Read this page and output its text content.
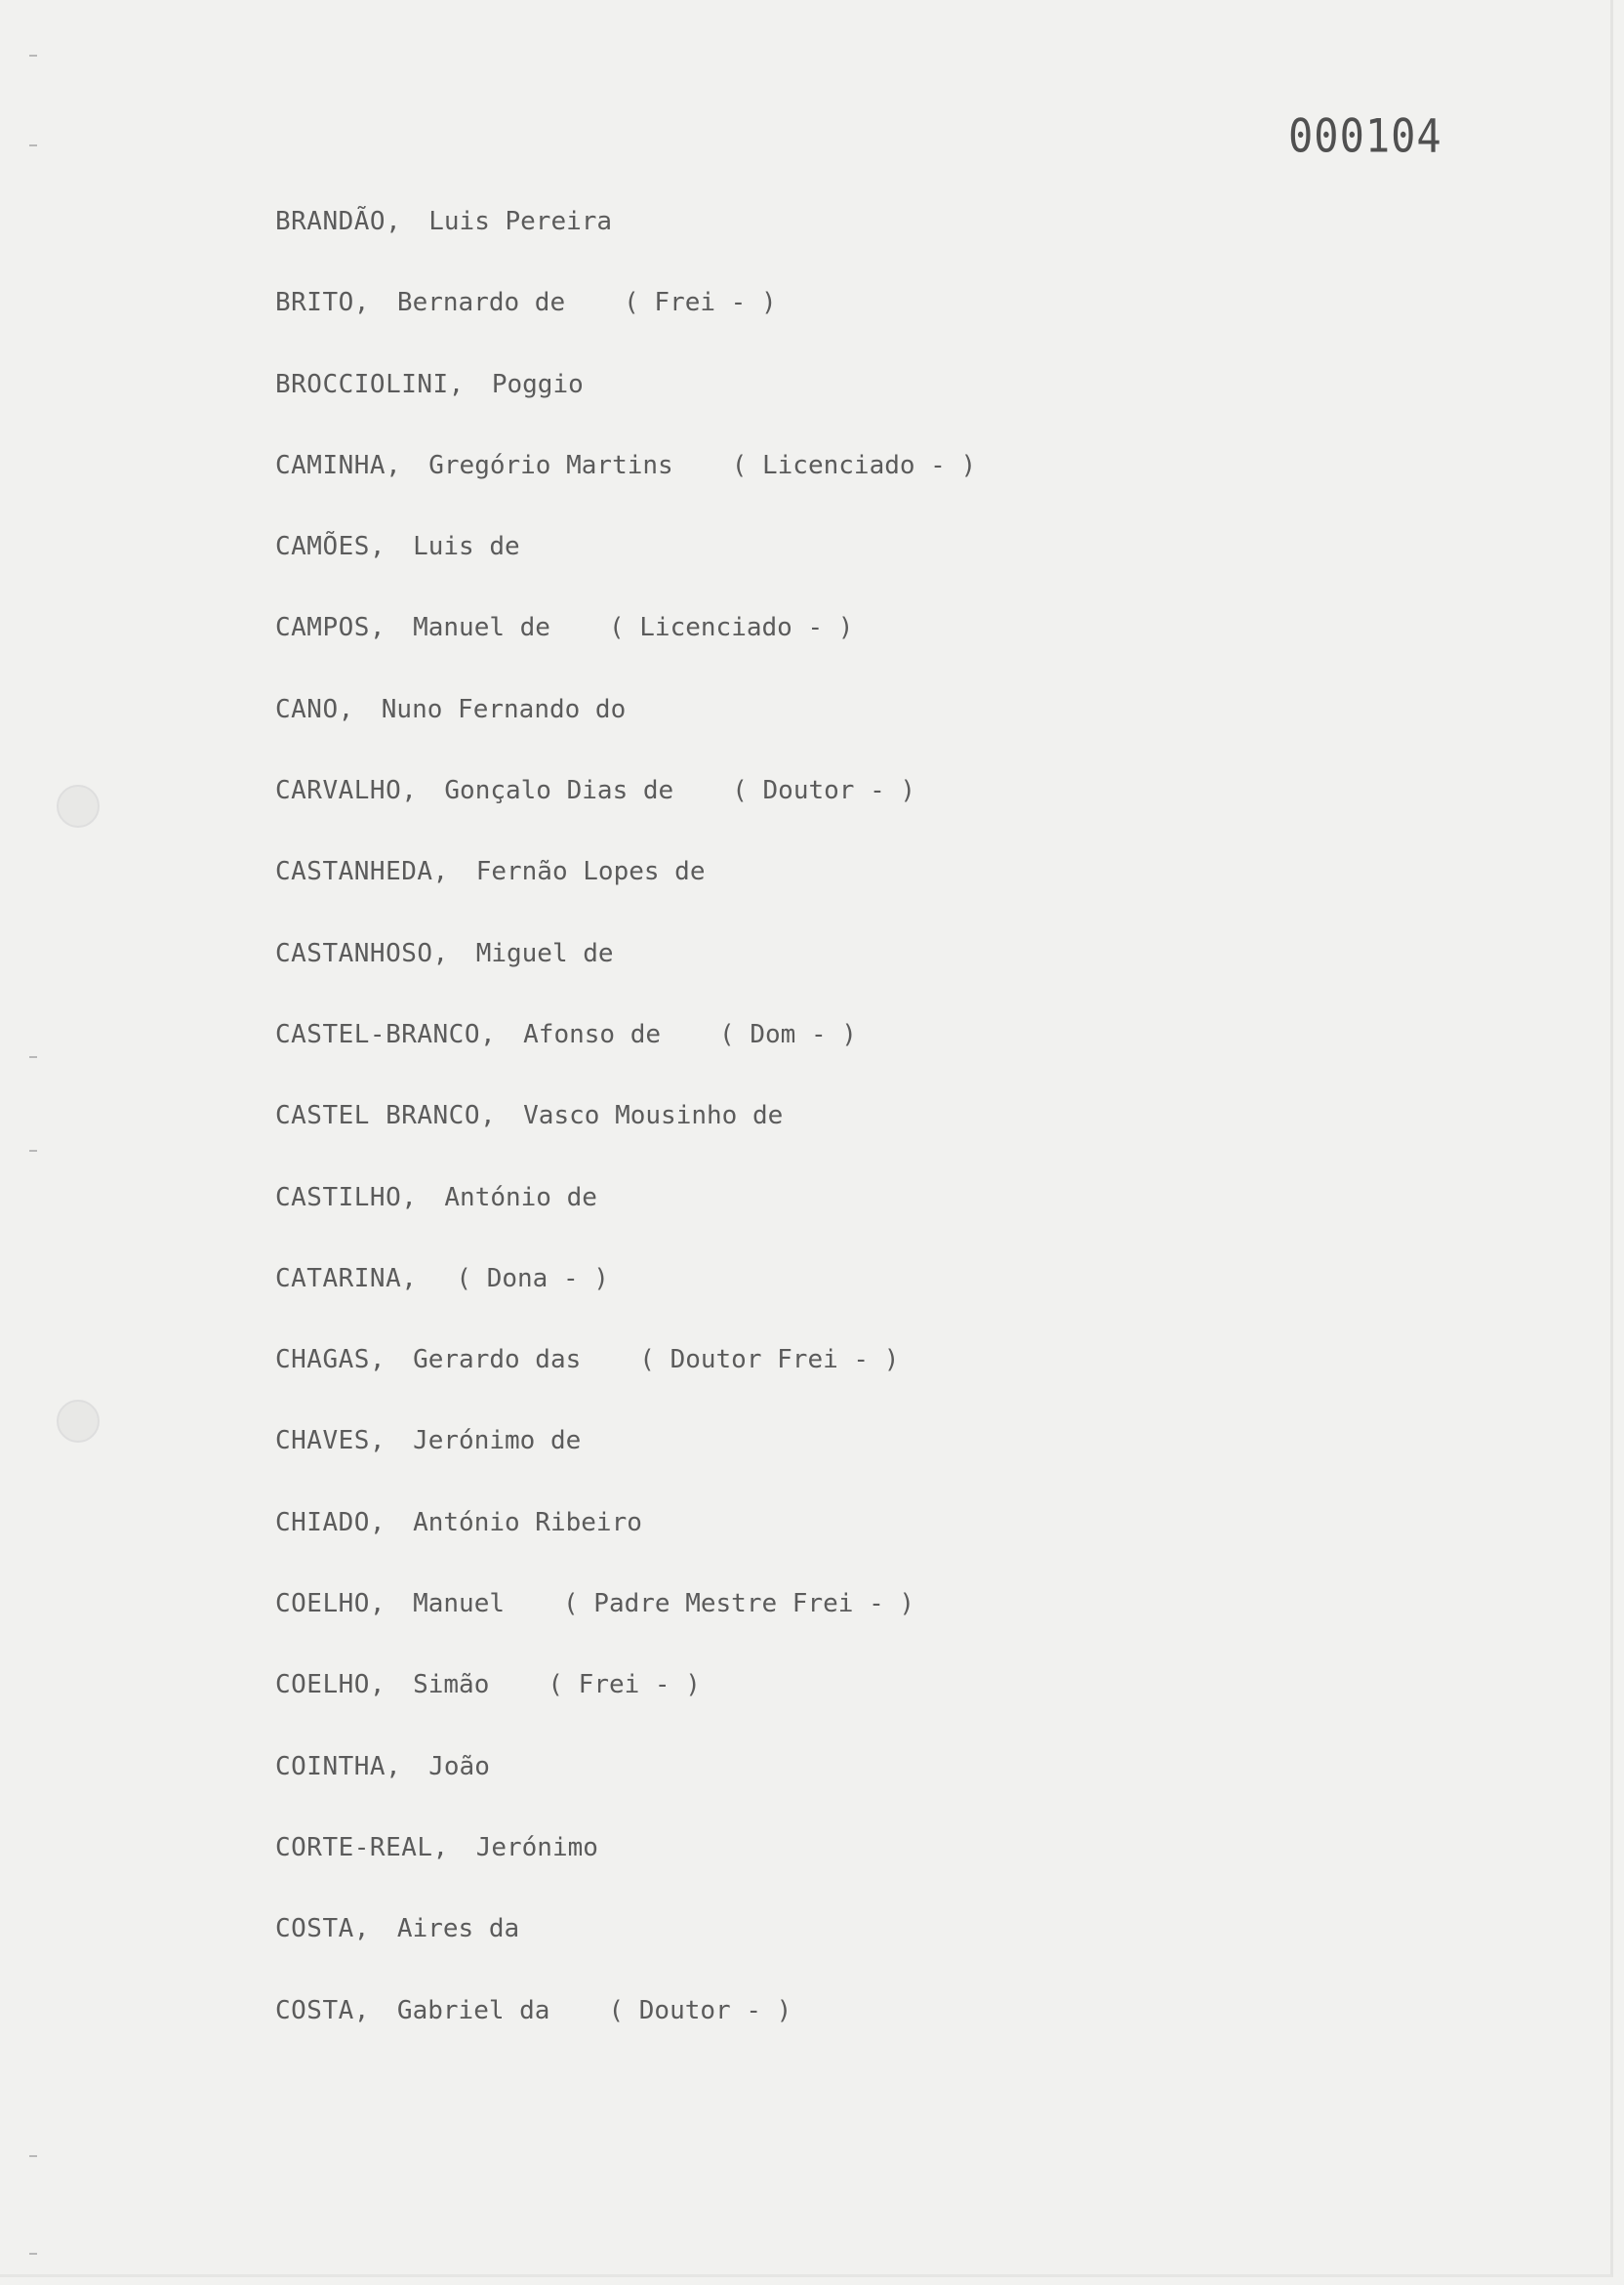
000104
BRANDÃO, Luis Pereira
BRITO, Bernardo de ( Frei - )
BROCCIOLINI, Poggio
CAMINHA, Gregório Martins ( Licenciado - )
CAMÕES, Luis de
CAMPOS, Manuel de ( Licenciado - )
CANO, Nuno Fernando do
CARVALHO, Gonçalo Dias de ( Doutor - )
CASTANHEDA, Fernão Lopes de
CASTANHOSO, Miguel de
CASTEL-BRANCO, Afonso de ( Dom - )
CASTEL BRANCO, Vasco Mousinho de
CASTILHO, António de
CATARINA, ( Dona - )
CHAGAS, Gerardo das ( Doutor Frei - )
CHAVES, Jerónimo de
CHIADO, António Ribeiro
COELHO, Manuel ( Padre Mestre Frei - )
COELHO, Simão ( Frei - )
COINTHA, João
CORTE-REAL, Jerónimo
COSTA, Aires da
COSTA, Gabriel da ( Doutor - )
